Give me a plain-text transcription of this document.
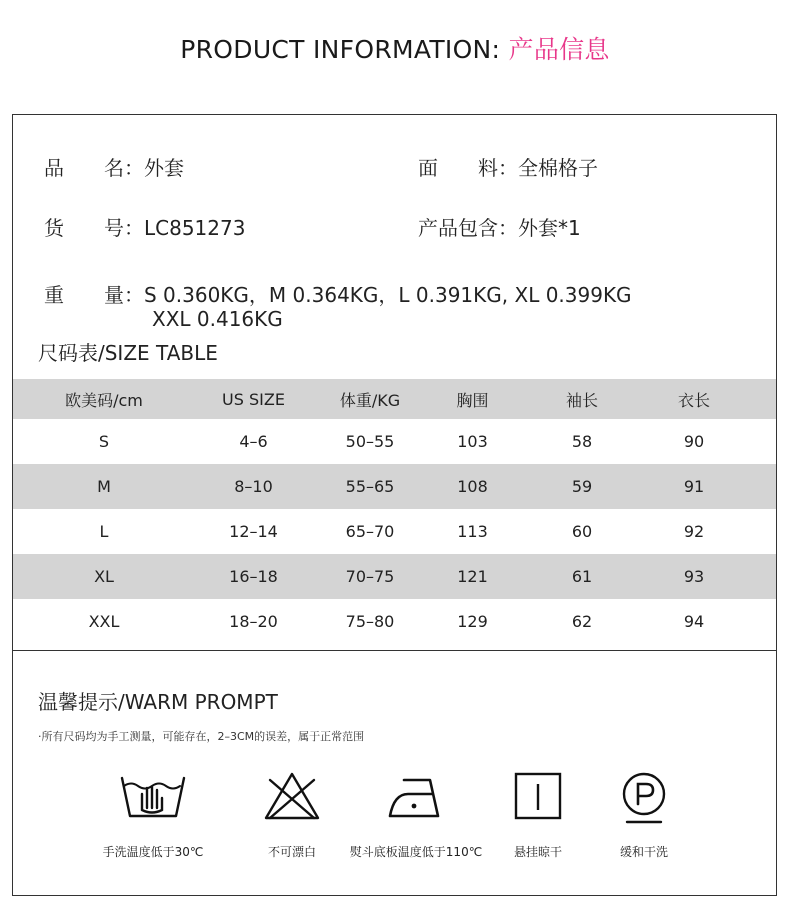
PRODUCT INFORMATION: 产品信息
品　　名：外套	面　　料：全棉格子
货　　号：LC851273	产品包含：外套*1
重　　量：S 0.360KG，M 0.364KG，L 0.391KG, XL 0.399KG
XXL 0.416KG
尺码表/SIZE TABLE
欧美码/cm	US SIZE	体重/KG	胸围	袖长	衣长
S	4–6	50–55	103	58	90
M	8–10	55–65	108	59	91
L	12–14	65–70	113	60	92
XL	16–18	70–75	121	61	93
XXL	18–20	75–80	129	62	94
温馨提示/WARM PROMPT
·所有尺码均为手工测量，可能存在，2–3CM的误差，属于正常范围
手洗温度低于30℃	不可漂白	熨斗底板温度低于110℃	悬挂晾干	缓和干洗
